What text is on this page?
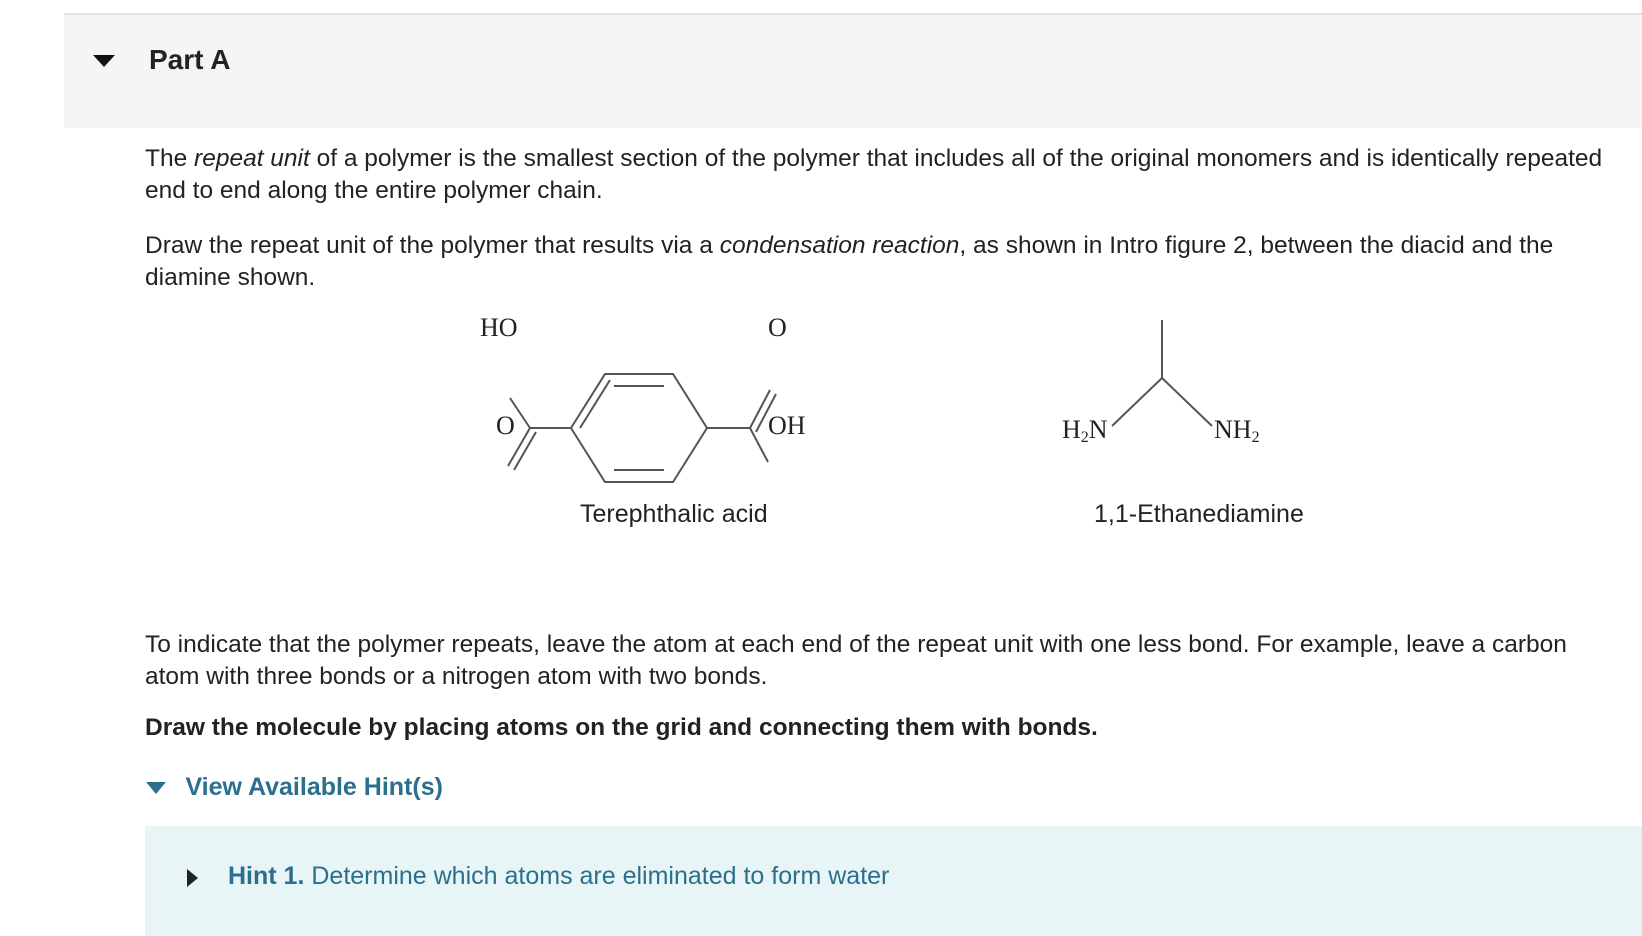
Part A

The repeat unit of a polymer is the smallest section of the polymer that includes all of the original monomers and is identically repeated end to end along the entire polymer chain.

Draw the repeat unit of the polymer that results via a condensation reaction, as shown in Intro figure 2, between the diacid and the diamine shown.

HO
O
O
OH	H2N	NH2
Terephthalic acid	1,1-Ethanediamine

To indicate that the polymer repeats, leave the atom at each end of the repeat unit with one less bond. For example, leave a carbon atom with three bonds or a nitrogen atom with two bonds.

Draw the molecule by placing atoms on the grid and connecting them with bonds.

View Available Hint(s)
Hint 1. Determine which atoms are eliminated to form water
